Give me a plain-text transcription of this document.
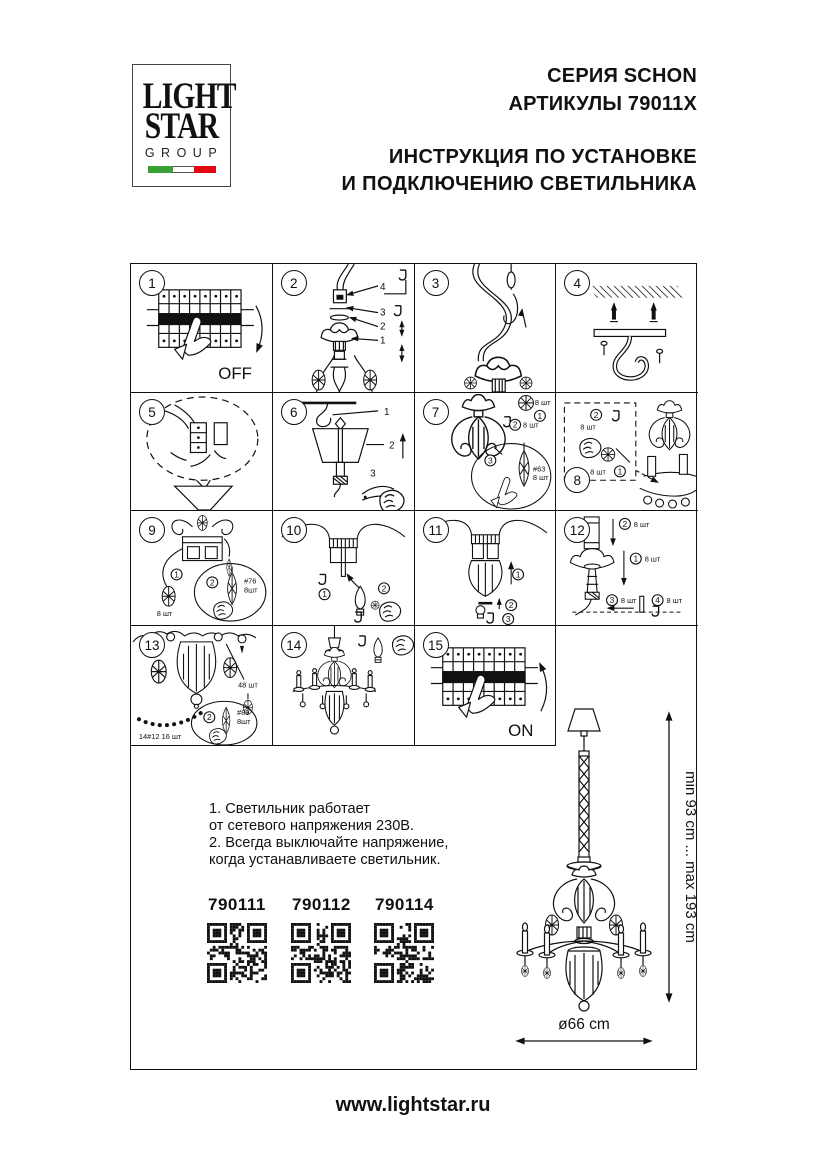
LIGHT
STAR
GROUP
СЕРИЯ SCHON
АРТИКУЛЫ 79011X
ИНСТРУКЦИЯ ПО УСТАНОВКЕ
И ПОДКЛЮЧЕНИЮ СВЕТИЛЬНИКА
OFF
1	4
3
2
1
2	3	4
5	1
2
3
6	1
8 шт
2 8 шт
3
#63
8 шт
7	2
8 шт
1
8 шт
8
1
8 шт
2	#76
8шт
9
1
2
10
1
2
3
11	2 8 шт
1 8 шт
3 8 шт 4 8 шт
12
48 шт
2	#89
8шт
14#12 16 шт
13	14
ON
15
1. Светильник работает
от сетевого напряжения 230В.
2. Всегда выключайте напряжение,
когда устанавливаете светильник.
790111 790112 790114	min 93 cm ... max 193 cm
ø66 cm
www.lightstar.ru
